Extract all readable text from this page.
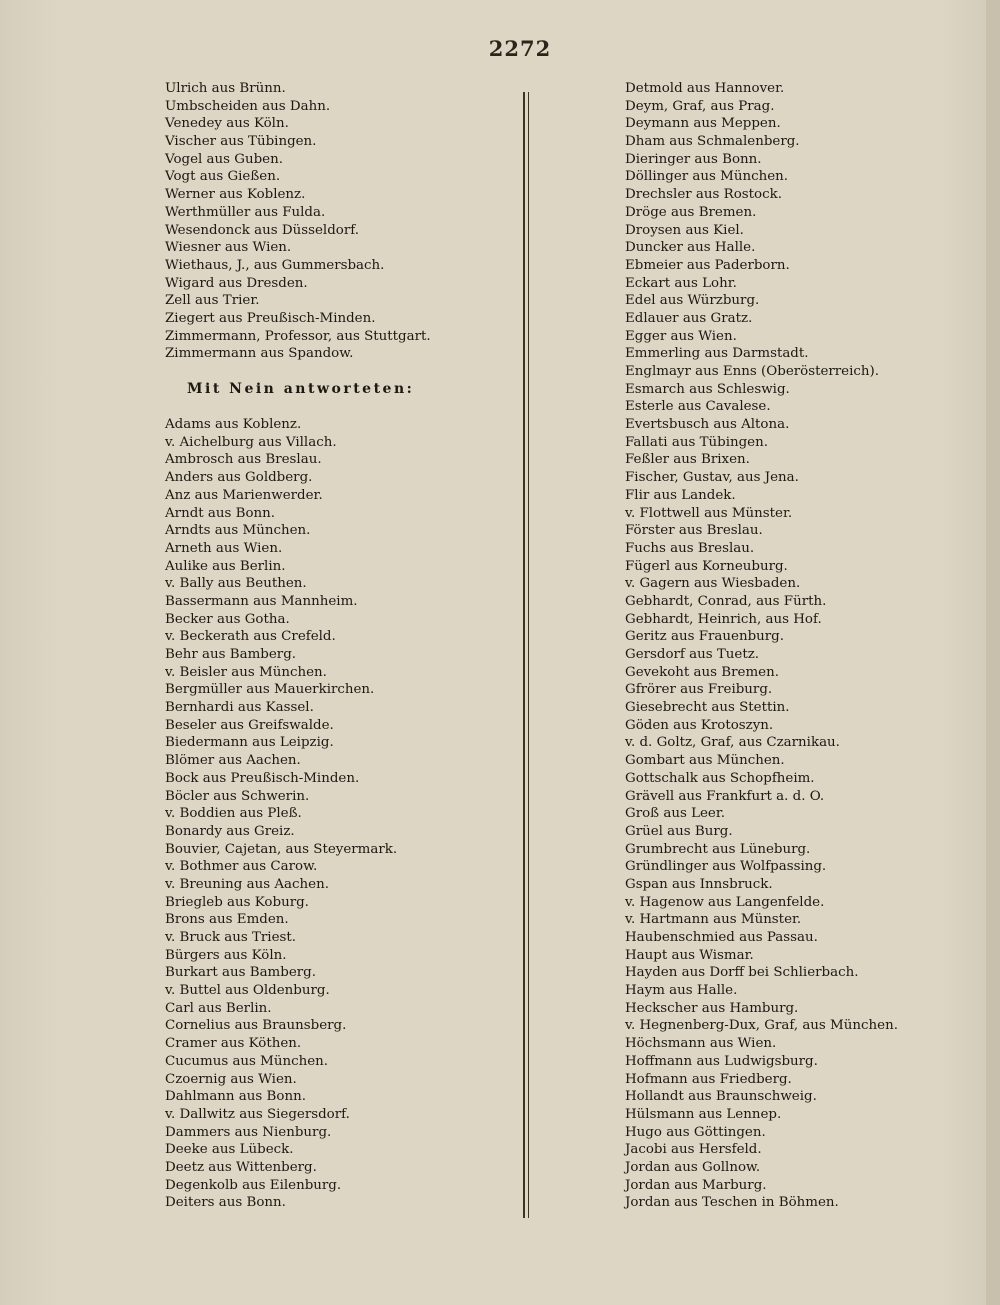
2272
Ulrich aus Brünn.
Umbscheiden aus Dahn.
Venedey aus Köln.
Vischer aus Tübingen.
Vogel aus Guben.
Vogt aus Gießen.
Werner aus Koblenz.
Werthmüller aus Fulda.
Wesendonck aus Düsseldorf.
Wiesner aus Wien.
Wiethaus, J., aus Gummersbach.
Wigard aus Dresden.
Zell aus Trier.
Ziegert aus Preußisch-Minden.
Zimmermann, Professor, aus Stuttgart.
Zimmermann aus Spandow.
Mit Nein antworteten:
Adams aus Koblenz.
v. Aichelburg aus Villach.
Ambrosch aus Breslau.
Anders aus Goldberg.
Anz aus Marienwerder.
Arndt aus Bonn.
Arndts aus München.
Arneth aus Wien.
Aulike aus Berlin.
v. Bally aus Beuthen.
Bassermann aus Mannheim.
Becker aus Gotha.
v. Beckerath aus Crefeld.
Behr aus Bamberg.
v. Beisler aus München.
Bergmüller aus Mauerkirchen.
Bernhardi aus Kassel.
Beseler aus Greifswalde.
Biedermann aus Leipzig.
Blömer aus Aachen.
Bock aus Preußisch-Minden.
Böcler aus Schwerin.
v. Boddien aus Pleß.
Bonardy aus Greiz.
Bouvier, Cajetan, aus Steyermark.
v. Bothmer aus Carow.
v. Breuning aus Aachen.
Briegleb aus Koburg.
Brons aus Emden.
v. Bruck aus Triest.
Bürgers aus Köln.
Burkart aus Bamberg.
v. Buttel aus Oldenburg.
Carl aus Berlin.
Cornelius aus Braunsberg.
Cramer aus Köthen.
Cucumus aus München.
Czoernig aus Wien.
Dahlmann aus Bonn.
v. Dallwitz aus Siegersdorf.
Dammers aus Nienburg.
Deeke aus Lübeck.
Deetz aus Wittenberg.
Degenkolb aus Eilenburg.
Deiters aus Bonn.
Detmold aus Hannover.
Deym, Graf, aus Prag.
Deymann aus Meppen.
Dham aus Schmalenberg.
Dieringer aus Bonn.
Döllinger aus München.
Drechsler aus Rostock.
Dröge aus Bremen.
Droysen aus Kiel.
Duncker aus Halle.
Ebmeier aus Paderborn.
Eckart aus Lohr.
Edel aus Würzburg.
Edlauer aus Gratz.
Egger aus Wien.
Emmerling aus Darmstadt.
Englmayr aus Enns (Oberösterreich).
Esmarch aus Schleswig.
Esterle aus Cavalese.
Evertsbusch aus Altona.
Fallati aus Tübingen.
Feßler aus Brixen.
Fischer, Gustav, aus Jena.
Flir aus Landek.
v. Flottwell aus Münster.
Förster aus Breslau.
Fuchs aus Breslau.
Fügerl aus Korneuburg.
v. Gagern aus Wiesbaden.
Gebhardt, Conrad, aus Fürth.
Gebhardt, Heinrich, aus Hof.
Geritz aus Frauenburg.
Gersdorf aus Tuetz.
Gevekoht aus Bremen.
Gfrörer aus Freiburg.
Giesebrecht aus Stettin.
Göden aus Krotoszyn.
v. d. Goltz, Graf, aus Czarnikau.
Gombart aus München.
Gottschalk aus Schopfheim.
Grävell aus Frankfurt a. d. O.
Groß aus Leer.
Grüel aus Burg.
Grumbrecht aus Lüneburg.
Gründlinger aus Wolfpassing.
Gspan aus Innsbruck.
v. Hagenow aus Langenfelde.
v. Hartmann aus Münster.
Haubenschmied aus Passau.
Haupt aus Wismar.
Hayden aus Dorff bei Schlierbach.
Haym aus Halle.
Heckscher aus Hamburg.
v. Hegnenberg-Dux, Graf, aus München.
Höchsmann aus Wien.
Hoffmann aus Ludwigsburg.
Hofmann aus Friedberg.
Hollandt aus Braunschweig.
Hülsmann aus Lennep.
Hugo aus Göttingen.
Jacobi aus Hersfeld.
Jordan aus Gollnow.
Jordan aus Marburg.
Jordan aus Teschen in Böhmen.
